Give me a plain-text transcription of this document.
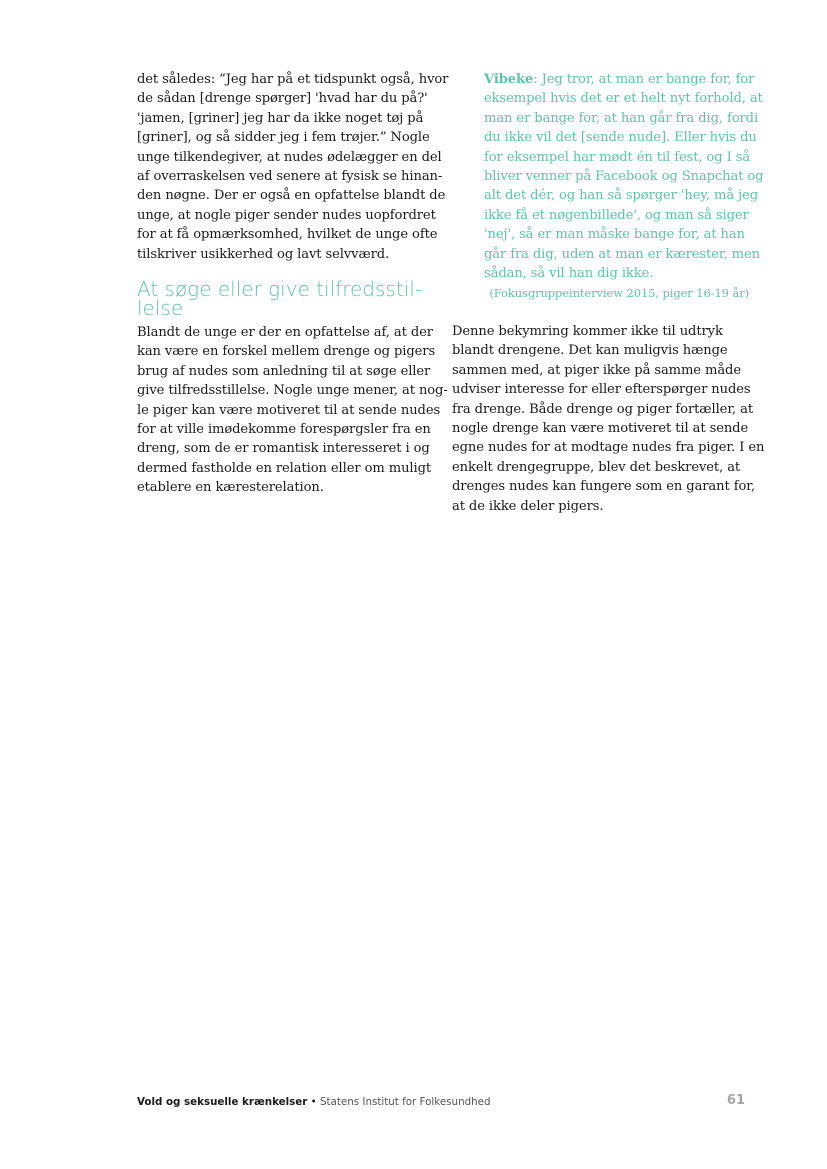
det således: ”Jeg har på et tidspunkt også, hvor
de sådan [drenge spørger] 'hvad har du på?'
'jamen, [griner] jeg har da ikke noget tøj på
[griner], og så sidder jeg i fem trøjer.” Nogle
unge tilkendegiver, at nudes ødelægger en del
af overraskelsen ved senere at fysisk se hinan-
den nøgne. Der er også en opfattelse blandt de
unge, at nogle piger sender nudes uopfordret
for at få opmærksomhed, hvilket de unge ofte
tilskriver usikkerhed og lavt selvværd.

At søge eller give tilfredsstil-
lelse

Blandt de unge er der en opfattelse af, at der
kan være en forskel mellem drenge og pigers
brug af nudes som anledning til at søge eller
give tilfredsstillelse. Nogle unge mener, at nog-
le piger kan være motiveret til at sende nudes
for at ville imødekomme forespørgsler fra en
dreng, som de er romantisk interesseret i og
dermed fastholde en relation eller om muligt
etablere en kæresterelation.

Vibeke: Jeg tror, at man er bange for, for
eksempel hvis det er et helt nyt forhold, at
man er bange for, at han går fra dig, fordi
du ikke vil det [sende nude]. Eller hvis du
for eksempel har mødt én til fest, og I så
bliver venner på Facebook og Snapchat og
alt det dér, og han så spørger 'hey, må jeg
ikke få et nøgenbillede', og man så siger
'nej', så er man måske bange for, at han
går fra dig, uden at man er kærester, men
sådan, så vil han dig ikke.
(Fokusgruppeinterview 2015, piger 16-19 år)

Denne bekymring kommer ikke til udtryk
blandt drengene. Det kan muligvis hænge
sammen med, at piger ikke på samme måde
udviser interesse for eller efterspørger nudes
fra drenge. Både drenge og piger fortæller, at
nogle drenge kan være motiveret til at sende
egne nudes for at modtage nudes fra piger. I en
enkelt drengegruppe, blev det beskrevet, at
drenges nudes kan fungere som en garant for,
at de ikke deler pigers.

Vold og seksuelle krænkelser • Statens Institut for Folkesundhed	61
